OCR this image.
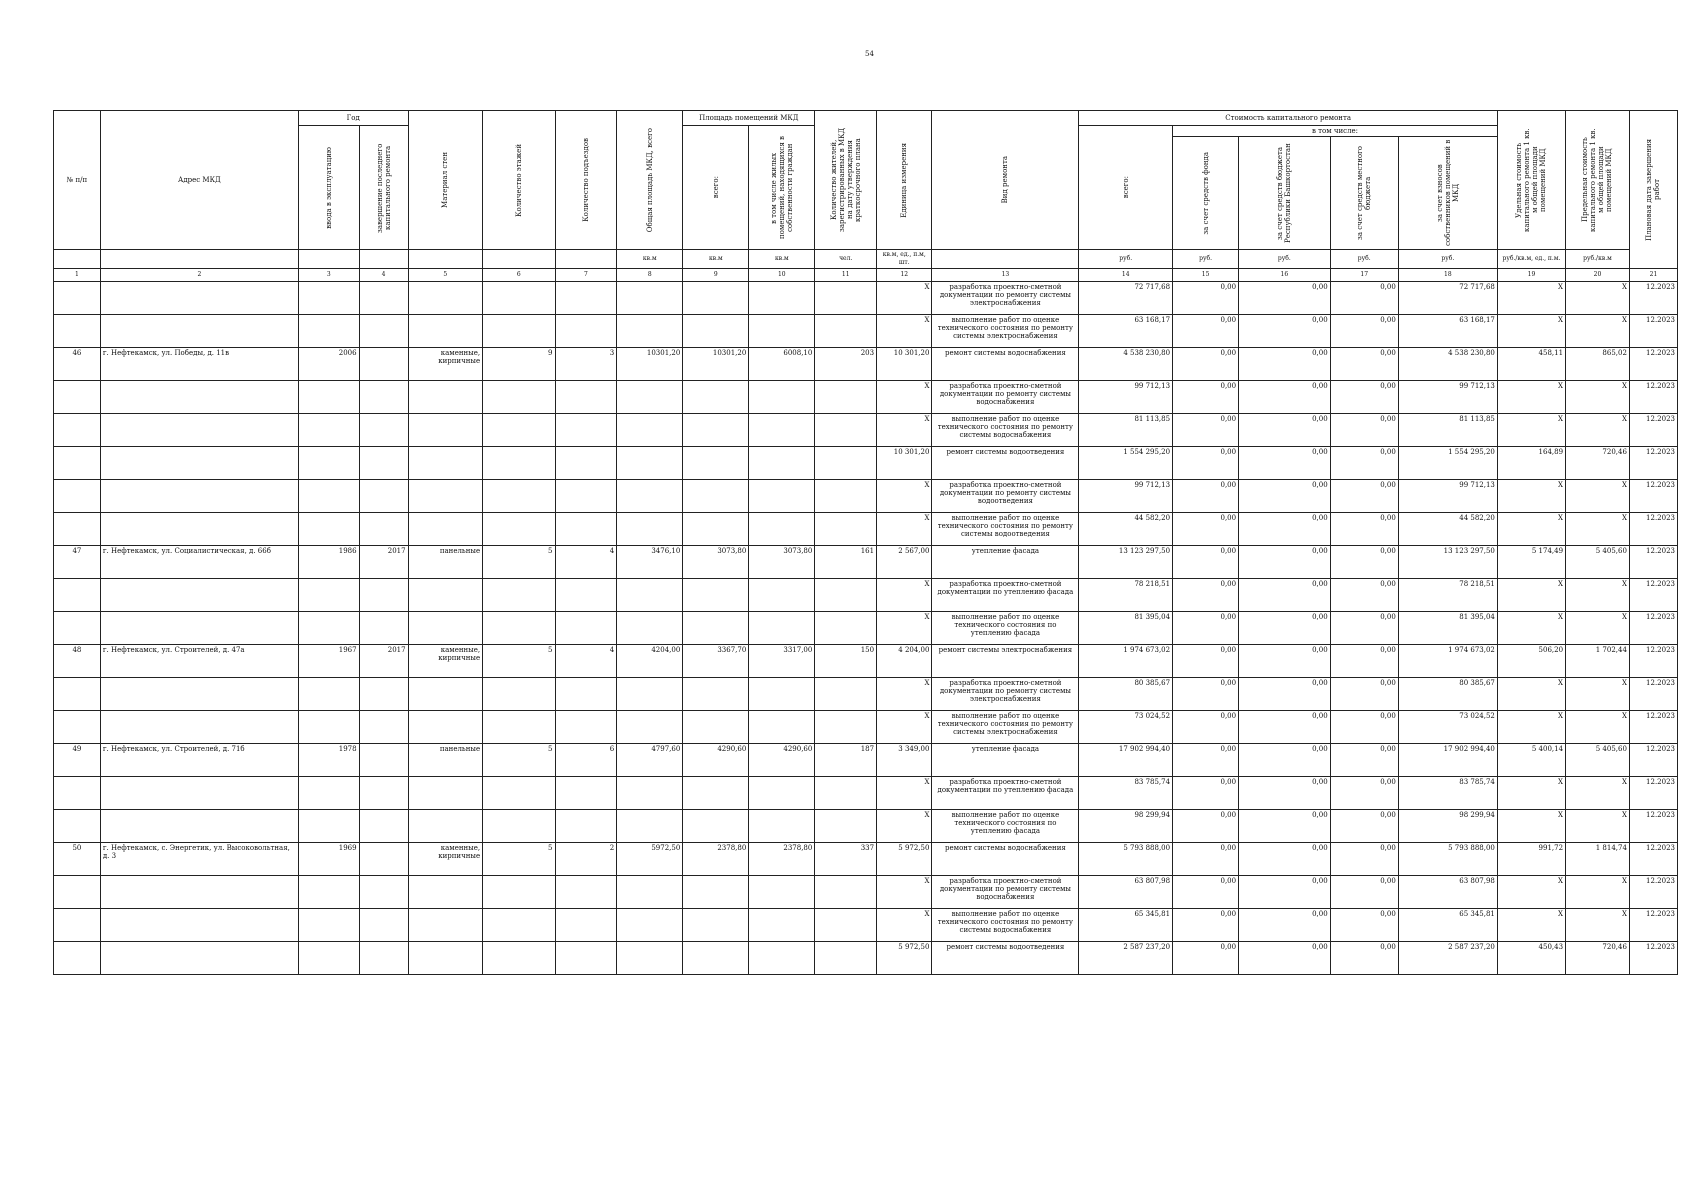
54
№ п/п	Адрес МКД	Год		Материал стен	Количество этажей	Количество подъездов	Общая площадь МКД, всего	Площадь помещений МКД		Количество жителей, зарегистрированных в МКД на дату утверждения краткосрочного плана	Единица измерения	Вид ремонта	Стоимость капитального ремонта					Удельная стоимость капитального ремонта 1 кв. м общей площади помещений МКД	Предельная стоимость капитального ремонта 1 кв. м общей площади помещений МКД	Плановая дата завершения работ

		ввода в эксплуатацию	завершение последнего капитального ремонта					всего:	в том числе жилых помещений, находящихся в собственности граждан				всего:	в том числе:						

														за счет средств фонда	за счет средств бюджета Республики Башкортостан	за счет средств местного бюджета	за счет взносов собственников помещений в МКД			

							кв.м	кв.м	кв.м	чел.	кв.м, ед., п.м, шт.		руб.	руб.	руб.	руб.	руб.	руб./кв.м, ед., п.м.	руб./кв.м	
1	2	3	4	5	6	7	8	9	10	11	12	13	14	15	16	17	18	19	20	21
											X	разработка проектно-сметной документации по ремонту системы электроснабжения	72 717,68	0,00	0,00	0,00	72 717,68	X	X	12.2023
											X	выполнение работ по оценке технического состояния по ремонту системы электроснабжения	63 168,17	0,00	0,00	0,00	63 168,17	X	X	12.2023
46	г. Нефтекамск, ул. Победы, д. 11в	2006		каменные, кирпичные	9	3	10301,20	10301,20	6008,10	203	10 301,20	ремонт системы водоснабжения	4 538 230,80	0,00	0,00	0,00	4 538 230,80	458,11	865,02	12.2023
											X	разработка проектно-сметной документации по ремонту системы водоснабжения	99 712,13	0,00	0,00	0,00	99 712,13	X	X	12.2023
											X	выполнение работ по оценке технического состояния по ремонту системы водоснабжения	81 113,85	0,00	0,00	0,00	81 113,85	X	X	12.2023
											10 301,20	ремонт системы водоотведения	1 554 295,20	0,00	0,00	0,00	1 554 295,20	164,89	720,46	12.2023
											X	разработка проектно-сметной документации по ремонту системы водоотведения	99 712,13	0,00	0,00	0,00	99 712,13	X	X	12.2023
											X	выполнение работ по оценке технического состояния по ремонту системы водоотведения	44 582,20	0,00	0,00	0,00	44 582,20	X	X	12.2023
47	г. Нефтекамск, ул. Социалистическая, д. 66б	1986	2017	панельные	5	4	3476,10	3073,80	3073,80	161	2 567,00	утепление фасада	13 123 297,50	0,00	0,00	0,00	13 123 297,50	5 174,49	5 405,60	12.2023
											X	разработка проектно-сметной документации по утеплению фасада	78 218,51	0,00	0,00	0,00	78 218,51	X	X	12.2023
											X	выполнение работ по оценке технического состояния по утеплению фасада	81 395,04	0,00	0,00	0,00	81 395,04	X	X	12.2023
48	г. Нефтекамск, ул. Строителей, д. 47а	1967	2017	каменные, кирпичные	5	4	4204,00	3367,70	3317,00	150	4 204,00	ремонт системы электроснабжения	1 974 673,02	0,00	0,00	0,00	1 974 673,02	506,20	1 702,44	12.2023
											X	разработка проектно-сметной документации по ремонту системы электроснабжения	80 385,67	0,00	0,00	0,00	80 385,67	X	X	12.2023
											X	выполнение работ по оценке технического состояния по ремонту системы электроснабжения	73 024,52	0,00	0,00	0,00	73 024,52	X	X	12.2023
49	г. Нефтекамск, ул. Строителей, д. 71б	1978		панельные	5	6	4797,60	4290,60	4290,60	187	3 349,00	утепление фасада	17 902 994,40	0,00	0,00	0,00	17 902 994,40	5 400,14	5 405,60	12.2023
											X	разработка проектно-сметной документации по утеплению фасада	83 785,74	0,00	0,00	0,00	83 785,74	X	X	12.2023
											X	выполнение работ по оценке технического состояния по утеплению фасада	98 299,94	0,00	0,00	0,00	98 299,94	X	X	12.2023
50	г. Нефтекамск, с. Энергетик, ул. Высоковольтная, д. 3	1969		каменные, кирпичные	5	2	5972,50	2378,80	2378,80	337	5 972,50	ремонт системы водоснабжения	5 793 888,00	0,00	0,00	0,00	5 793 888,00	991,72	1 814,74	12.2023
											X	разработка проектно-сметной документации по ремонту системы водоснабжения	63 807,98	0,00	0,00	0,00	63 807,98	X	X	12.2023
											X	выполнение работ по оценке технического состояния по ремонту системы водоснабжения	65 345,81	0,00	0,00	0,00	65 345,81	X	X	12.2023
											5 972,50	ремонт системы водоотведения	2 587 237,20	0,00	0,00	0,00	2 587 237,20	450,43	720,46	12.2023
